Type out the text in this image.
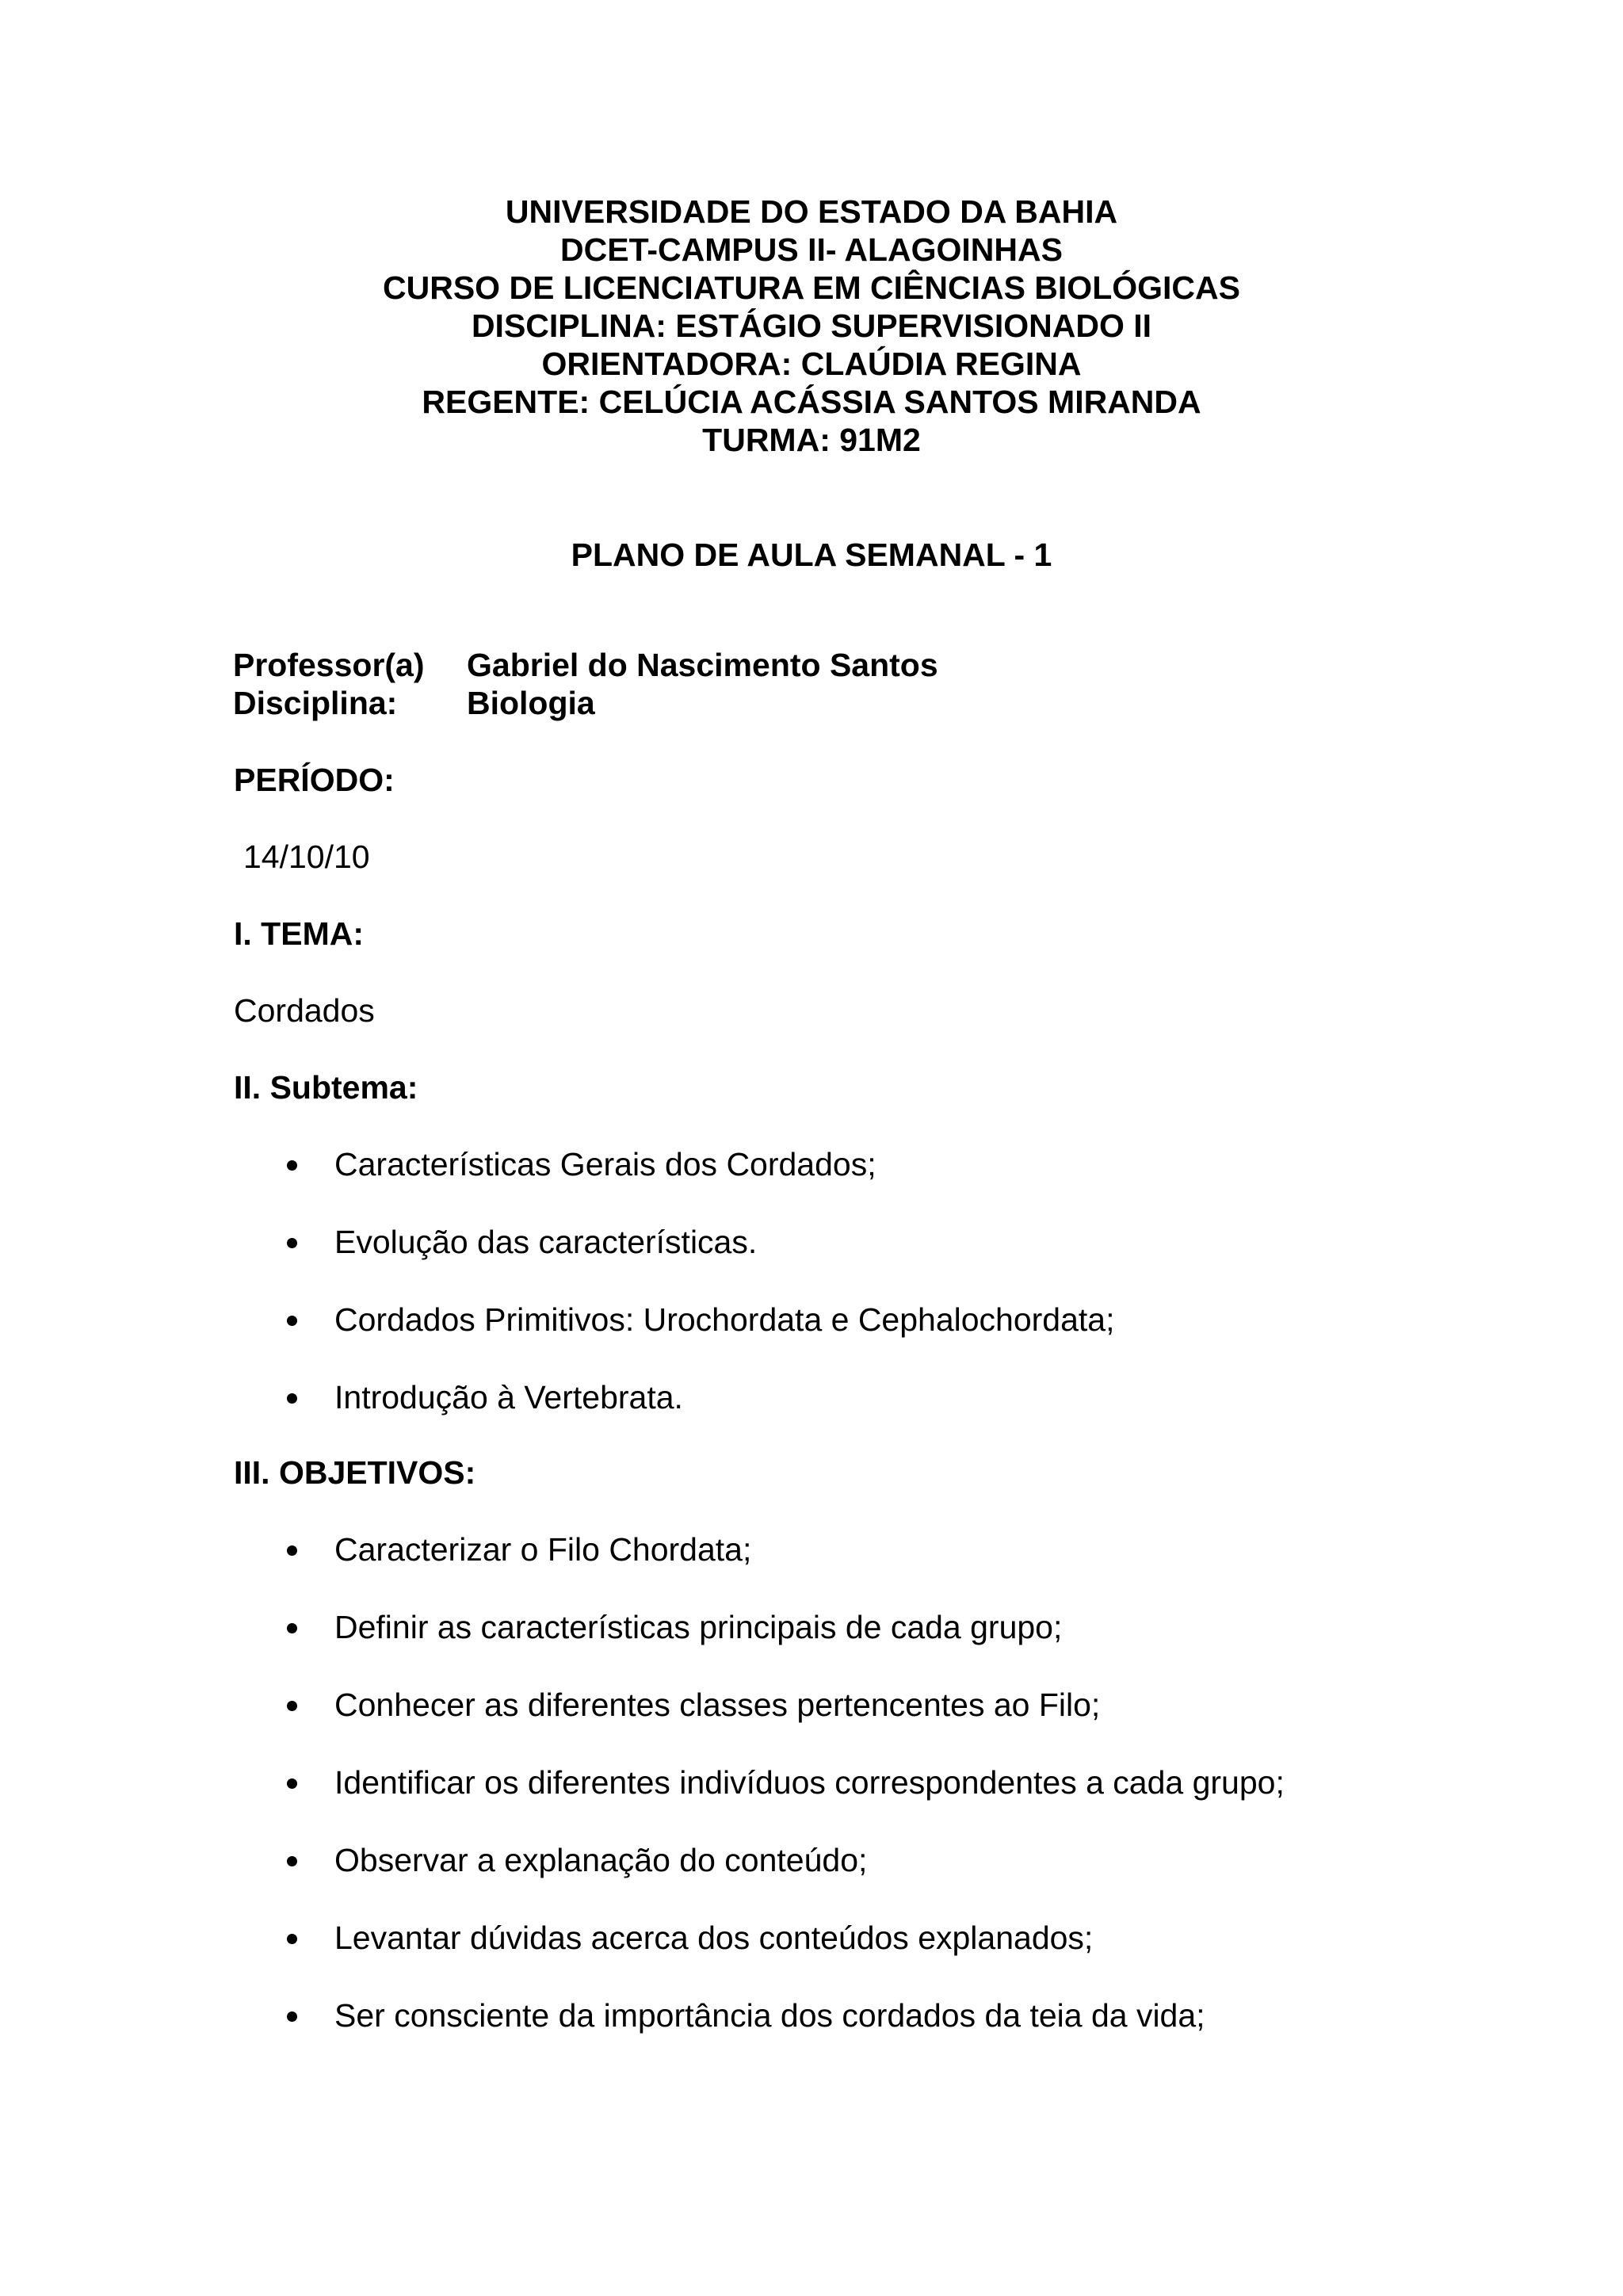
UNIVERSIDADE DO ESTADO DA BAHIA
DCET-CAMPUS II- ALAGOINHAS
CURSO DE LICENCIATURA EM CIÊNCIAS BIOLÓGICAS
DISCIPLINA: ESTÁGIO SUPERVISIONADO II
ORIENTADORA: CLAÚDIA REGINA
REGENTE: CELÚCIA ACÁSSIA SANTOS MIRANDA
TURMA: 91M2
PLANO DE AULA SEMANAL - 1
Professor(a)	Gabriel do Nascimento Santos
Disciplina:	Biologia
PERÍODO:
14/10/10
I. TEMA:
Cordados
II. Subtema:
Características Gerais dos Cordados;
Evolução das características.
Cordados Primitivos: Urochordata e Cephalochordata;
Introdução à Vertebrata.
III. OBJETIVOS:
Caracterizar o Filo Chordata;
Definir as características principais de cada grupo;
Conhecer as diferentes classes pertencentes ao Filo;
Identificar os diferentes indivíduos correspondentes a cada grupo;
Observar a explanação do conteúdo;
Levantar dúvidas acerca dos conteúdos explanados;
Ser consciente da importância dos cordados da teia da vida;
